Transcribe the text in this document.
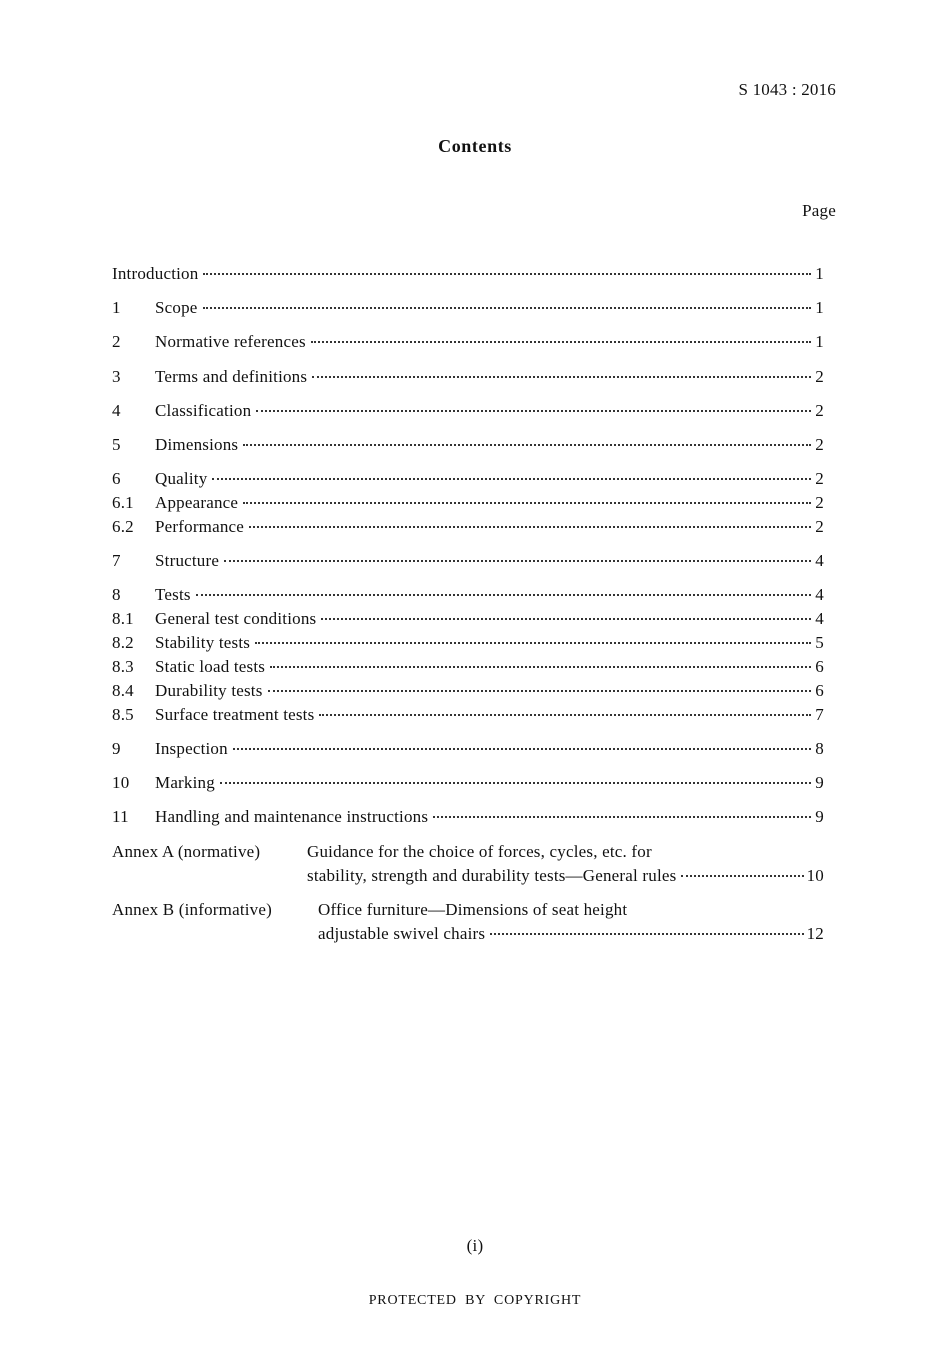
S 1043 : 2016
Contents
Page
Introduction	1
1	Scope	1
2	Normative references	1
3	Terms and definitions	2
4	Classification	2
5	Dimensions	2
6	Quality	2
6.1	Appearance	2
6.2	Performance	2
7	Structure	4
8	Tests	4
8.1	General test conditions	4
8.2	Stability tests	5
8.3	Static load tests	6
8.4	Durability tests	6
8.5	Surface treatment tests	7
9	Inspection	8
10	Marking	9
11	Handling and maintenance instructions	9
Annex A (normative)	Guidance for the choice of forces, cycles, etc. for
stability, strength and durability tests—General rules	10
Annex B (informative)	Office furniture—Dimensions of seat height
adjustable swivel chairs	12
(i)
PROTECTED BY COPYRIGHT
